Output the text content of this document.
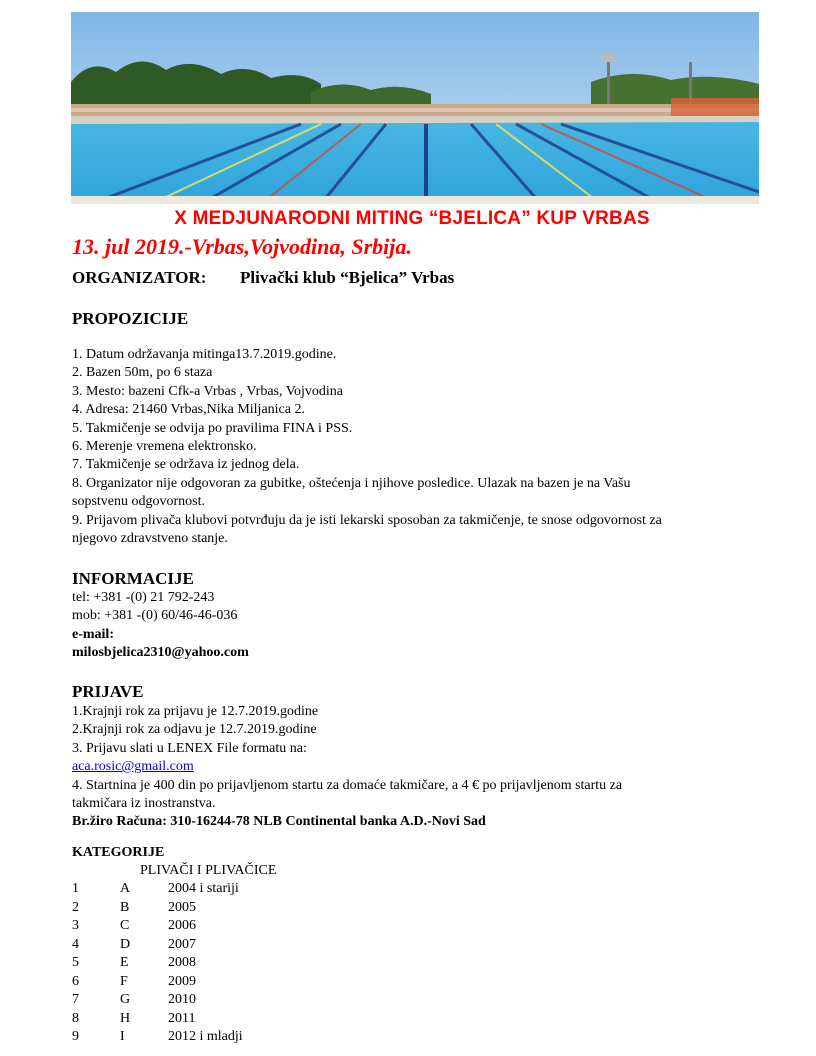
X MEDJUNARODNI MITING “BJELICA” KUP VRBAS
13. jul 2019.-Vrbas,Vojvodina, Srbija.
ORGANIZATOR: Plivački klub “Bjelica” Vrbas
PROPOZICIJE
1. Datum održavanja mitinga13.7.2019.godine.
2. Bazen 50m, po 6 staza
3. Mesto: bazeni Cfk-a Vrbas , Vrbas, Vojvodina
4. Adresa: 21460 Vrbas,Nika Miljanica 2.
5. Takmičenje se odvija po pravilima FINA i PSS.
6. Merenje vremena elektronsko.
7. Takmičenje se održava iz jednog dela.
8. Organizator nije odgovoran za gubitke, oštećenja i njihove posledice. Ulazak na bazen je na Vašu
sopstvenu odgovornost.
9. Prijavom plivača klubovi potvrđuju da je isti lekarski sposoban za takmičenje, te snose odgovornost za
njegovo zdravstveno stanje.
INFORMACIJE
tel: +381 -(0) 21 792-243
mob: +381 -(0) 60/46-46-036
e-mail:
milosbjelica2310@yahoo.com
PRIJAVE
1.Krajnji rok za prijavu je 12.7.2019.godine
2.Krajnji rok za odjavu je 12.7.2019.godine
3. Prijavu slati u LENEX File formatu na:
aca.rosic@gmail.com
4. Startnina je 400 din po prijavljenom startu za domaće takmičare, a 4 € po prijavljenom startu za
takmičara iz inostranstva.
Br.žiro Računa: 310-16244-78 NLB Continental banka A.D.-Novi Sad
KATEGORIJE
PLIVAČI I PLIVAČICE
1	A	2004 i stariji
2	B	2005
3	C	2006
4	D	2007
5	E	2008
6	F	2009
7	G	2010
8	H	2011
9	I	2012 i mladji
